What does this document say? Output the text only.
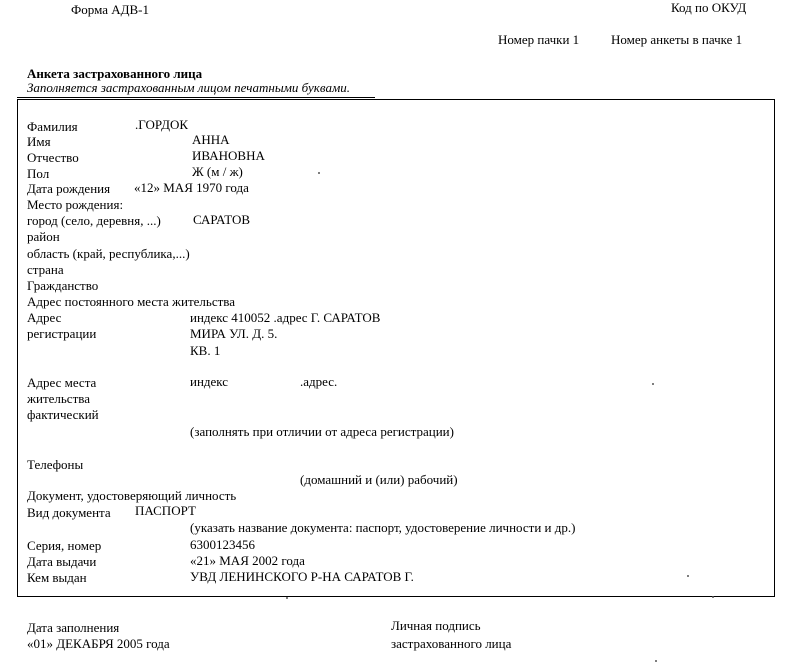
Форма АДВ-1	Код по ОКУД
Номер пачки 1 Номер анкеты в пачке 1
Анкета застрахованного лица
Заполняется застрахованным лицом печатными буквами.
Фамилия	.ГОРДОК
Имя	АННА
Отчество	ИВАНОВНА
Пол	Ж (м / ж)
Дата рождения «12» МАЯ 1970 года
Место рождения:
город (село, деревня, ...) САРАТОВ
район
область (край, республика,...)
страна
Гражданство
Адрес постоянного места жительства
Адрес
регистрации
индекс 410052 .адрес Г. САРАТОВ
МИРА УЛ. Д. 5.
КВ. 1
Адрес места
жительства
фактический
индекс	.адрес.
(заполнять при отличии от адреса регистрации)
Телефоны
(домашний и (или) рабочий)
Документ, удостоверяющий личность
Вид документа ПАСПОРТ
(указать название документа: паспорт, удостоверение личности и др.)
Серия, номер	6300123456
Дата выдачи	«21» МАЯ 2002 года
Кем выдан	УВД ЛЕНИНСКОГО Р-НА САРАТОВ Г.
Дата заполнения
«01» ДЕКАБРЯ 2005 года
Личная подпись
застрахованного лица
